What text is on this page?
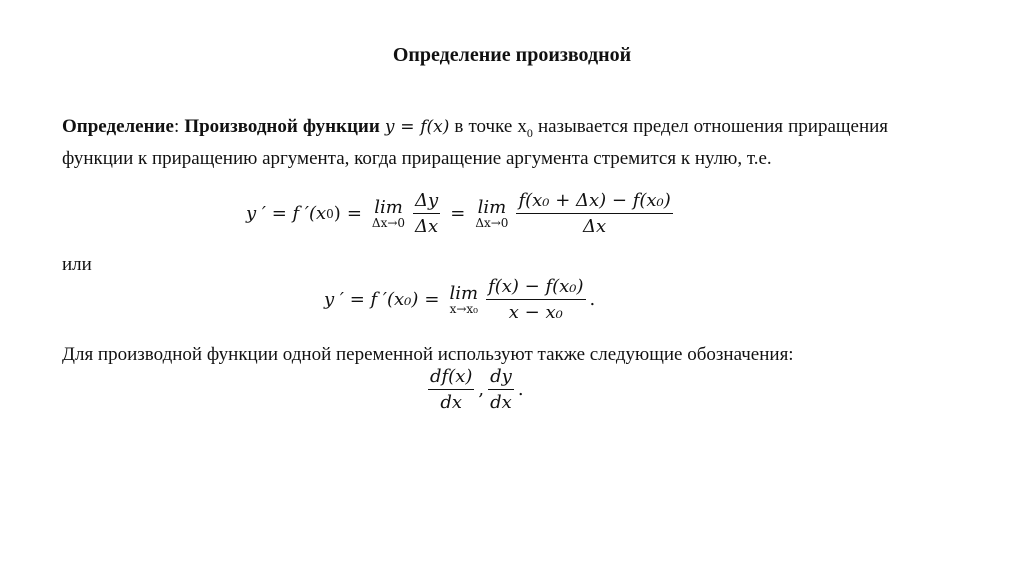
Определение производной
Определение: Производной функции y = f(x) в точке $x_0$ называется предел отношения приращения функции к приращению аргумента, когда приращение аргумента стремится к нулю, т.е.
y ′ = f ′(x 0 ) = lim
$\Delta x\to 0 \frac{\Delta y}{\Delta x} = \lim$
$\Delta x\to 0 \frac{\text{f(x₀ + Δx) − f(x₀)}}{\Delta x}$
или
y ′ = f ′(x₀) = lim
$x\to x_0 \frac{\text{f(x) − f(x₀)}}{\text{x − x₀}}$ .
Для производной функции одной переменной используют также следующие обозначения:
$\frac{df(x)}{dx}$ , $\frac{dy}{dx}$ .
